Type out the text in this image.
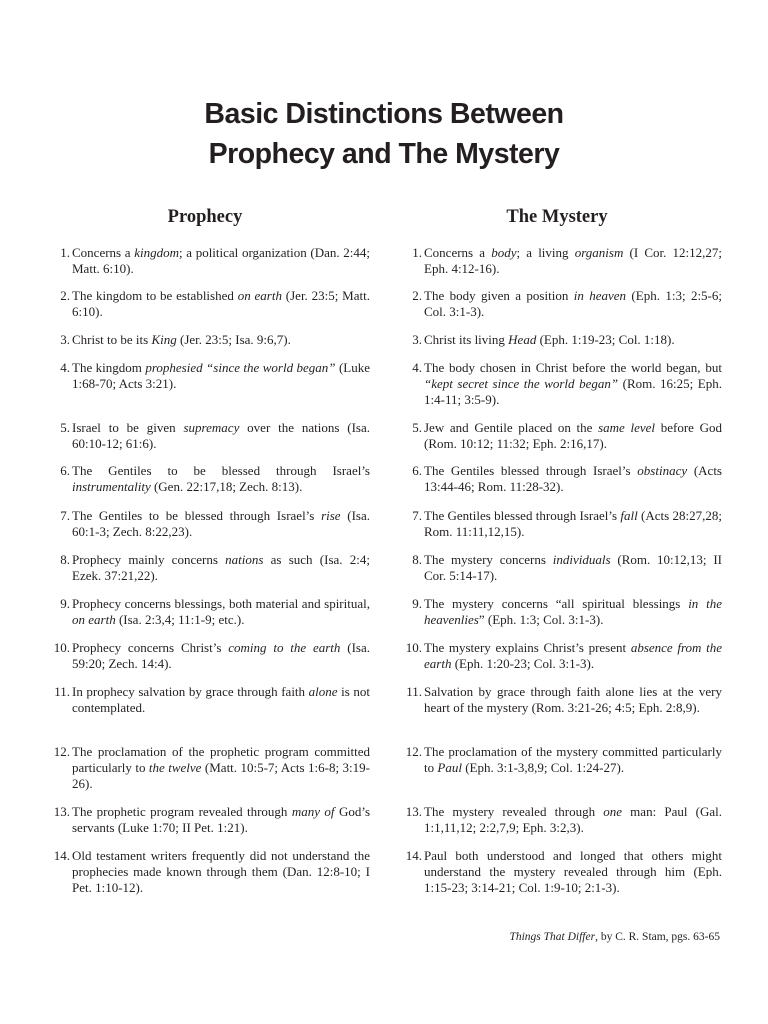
Basic Distinctions Between
Prophecy and The Mystery
Prophecy	The Mystery
1. Concerns a kingdom; a political organization (Dan. 2:44; Matt. 6:10).
2. The kingdom to be established on earth (Jer. 23:5; Matt. 6:10).
3. Christ to be its King (Jer. 23:5; Isa. 9:6,7).
4. The kingdom prophesied “since the world began” (Luke 1:68-70; Acts 3:21).
5. Israel to be given supremacy over the nations (Isa. 60:10-12; 61:6).
6. The Gentiles to be blessed through Israel’s instrumentality (Gen. 22:17,18; Zech. 8:13).
7. The Gentiles to be blessed through Israel’s rise (Isa. 60:1-3; Zech. 8:22,23).
8. Prophecy mainly concerns nations as such (Isa. 2:4; Ezek. 37:21,22).
9. Prophecy concerns blessings, both material and spiritual, on earth (Isa. 2:3,4; 11:1-9; etc.).
10. Prophecy concerns Christ’s coming to the earth (Isa. 59:20; Zech. 14:4).
11. In prophecy salvation by grace through faith alone is not contemplated.
12. The proclamation of the prophetic program committed particularly to the twelve (Matt. 10:5-7; Acts 1:6-8; 3:19-26).
13. The prophetic program revealed through many of God’s servants (Luke 1:70; II Pet. 1:21).
14. Old testament writers frequently did not understand the prophecies made known through them (Dan. 12:8-10; I Pet. 1:10-12).
1. Concerns a body; a living organism (I Cor. 12:12,27; Eph. 4:12-16).
2. The body given a position in heaven (Eph. 1:3; 2:5-6; Col. 3:1-3).
3. Christ its living Head (Eph. 1:19-23; Col. 1:18).
4. The body chosen in Christ before the world began, but “kept secret since the world began” (Rom. 16:25; Eph. 1:4-11; 3:5-9).
5. Jew and Gentile placed on the same level before God (Rom. 10:12; 11:32; Eph. 2:16,17).
6. The Gentiles blessed through Israel’s obstinacy (Acts 13:44-46; Rom. 11:28-32).
7. The Gentiles blessed through Israel’s fall (Acts 28:27,28; Rom. 11:11,12,15).
8. The mystery concerns individuals (Rom. 10:12,13; II Cor. 5:14-17).
9. The mystery concerns “all spiritual blessings in the heavenlies” (Eph. 1:3; Col. 3:1-3).
10. The mystery explains Christ’s present absence from the earth (Eph. 1:20-23; Col. 3:1-3).
11. Salvation by grace through faith alone lies at the very heart of the mystery (Rom. 3:21-26; 4:5; Eph. 2:8,9).
12. The proclamation of the mystery committed particularly to Paul (Eph. 3:1-3,8,9; Col. 1:24-27).
13. The mystery revealed through one man: Paul (Gal. 1:1,11,12; 2:2,7,9; Eph. 3:2,3).
14. Paul both understood and longed that others might understand the mystery revealed through him (Eph. 1:15-23; 3:14-21; Col. 1:9-10; 2:1-3).
Things That Differ, by C. R. Stam, pgs. 63-65
